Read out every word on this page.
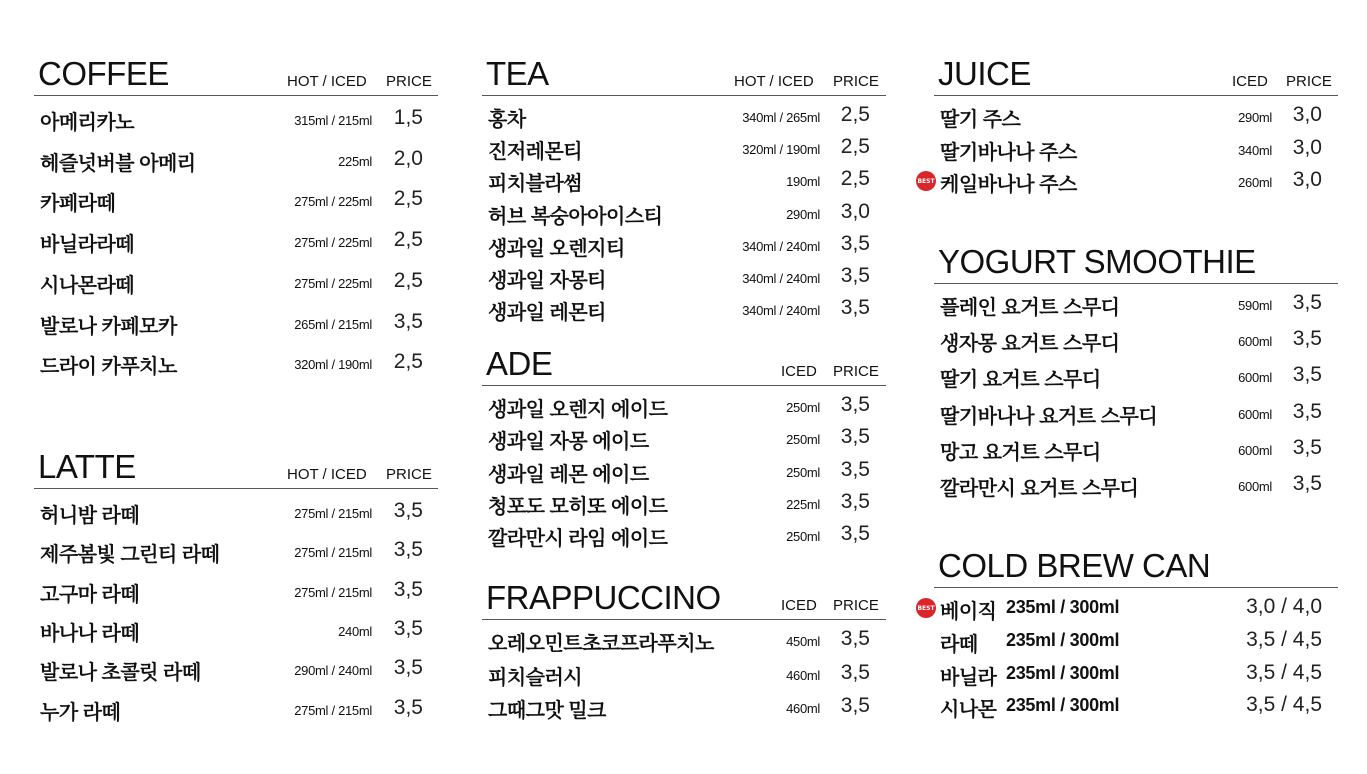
COFFEE	HOT / ICED PRICE
아메리카노	315ml / 215ml	1,5
헤즐넛버블 아메리	225ml	2,0
카페라떼	275ml / 225ml	2,5
바닐라라떼	275ml / 225ml	2,5
시나몬라떼	275ml / 225ml	2,5
발로나 카페모카	265ml / 215ml	3,5
드라이 카푸치노	320ml / 190ml	2,5
LATTE	HOT / ICED PRICE
허니밤 라떼	275ml / 215ml	3,5
제주봄빛 그린티 라떼	275ml / 215ml	3,5
고구마 라떼	275ml / 215ml	3,5
바나나 라떼	240ml	3,5
발로나 초콜릿 라떼	290ml / 240ml	3,5
누가 라떼	275ml / 215ml	3,5
TEA	HOT / ICED PRICE
홍차	340ml / 265ml 2,5
진저레몬티	320ml / 190ml 2,5
피치블라썸	190ml 2,5
허브 복숭아아이스티	290ml 3,0
생과일 오렌지티	340ml / 240ml 3,5
생과일 자몽티	340ml / 240ml 3,5
생과일 레몬티	340ml / 240ml 3,5
ADE	ICED PRICE
생과일 오렌지 에이드	250ml 3,5
생과일 자몽 에이드	250ml 3,5
생과일 레몬 에이드	250ml 3,5
청포도 모히또 에이드	225ml 3,5
깔라만시 라임 에이드	250ml 3,5
FRAPPUCCINO	ICED PRICE
오레오민트초코프라푸치노	450ml 3,5
피치슬러시	460ml 3,5
그때그맛 밀크	460ml 3,5
JUICE	ICED PRICE
딸기 주스	290ml 3,0
딸기바나나 주스	340ml 3,0
BEST 케일바나나 주스	260ml 3,0
YOGURT SMOOTHIE
플레인 요거트 스무디	590ml 3,5
생자몽 요거트 스무디	600ml 3,5
딸기 요거트 스무디	600ml 3,5
딸기바나나 요거트 스무디	600ml 3,5
망고 요거트 스무디	600ml 3,5
깔라만시 요거트 스무디	600ml 3,5
COLD BREW CAN
BEST 베이직 235ml / 300ml	3,0 / 4,0
라떼 235ml / 300ml	3,5 / 4,5
바닐라 235ml / 300ml	3,5 / 4,5
시나몬 235ml / 300ml	3,5 / 4,5
